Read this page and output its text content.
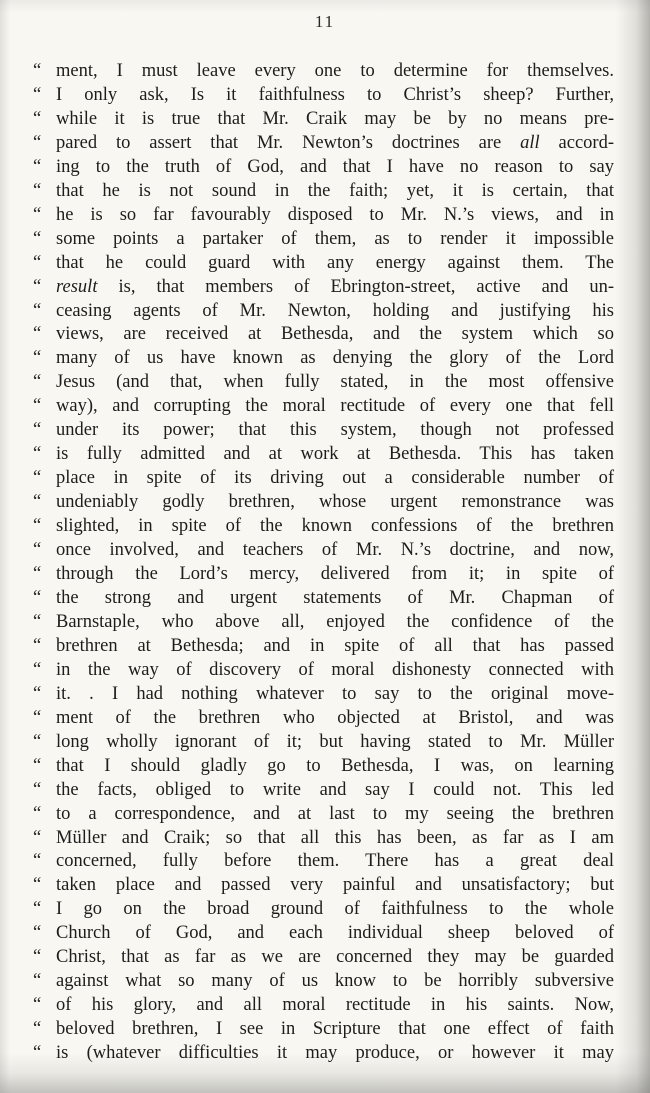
11
“ ment, I must leave every one to determine for themselves.
“ I only ask, Is it faithfulness to Christ’s sheep? Further,
“ while it is true that Mr. Craik may be by no means pre-
“ pared to assert that Mr. Newton’s doctrines are all accord-
“ ing to the truth of God, and that I have no reason to say
“ that he is not sound in the faith; yet, it is certain, that
“ he is so far favourably disposed to Mr. N.’s views, and in
“ some points a partaker of them, as to render it impossible
“ that he could guard with any energy against them. The
“ result is, that members of Ebrington-street, active and un-
“ ceasing agents of Mr. Newton, holding and justifying his
“ views, are received at Bethesda, and the system which so
“ many of us have known as denying the glory of the Lord
“ Jesus (and that, when fully stated, in the most offensive
“ way), and corrupting the moral rectitude of every one that fell
“ under its power; that this system, though not professed
“ is fully admitted and at work at Bethesda. This has taken
“ place in spite of its driving out a considerable number of
“ undeniably godly brethren, whose urgent remonstrance was
“ slighted, in spite of the known confessions of the brethren
“ once involved, and teachers of Mr. N.’s doctrine, and now,
“ through the Lord’s mercy, delivered from it; in spite of
“ the strong and urgent statements of Mr. Chapman of
“ Barnstaple, who above all, enjoyed the confidence of the
“ brethren at Bethesda; and in spite of all that has passed
“ in the way of discovery of moral dishonesty connected with
“ it. . I had nothing whatever to say to the original move-
“ ment of the brethren who objected at Bristol, and was
“ long wholly ignorant of it; but having stated to Mr. Müller
“ that I should gladly go to Bethesda, I was, on learning
“ the facts, obliged to write and say I could not. This led
“ to a correspondence, and at last to my seeing the brethren
“ Müller and Craik; so that all this has been, as far as I am
“ concerned, fully before them. There has a great deal
“ taken place and passed very painful and unsatisfactory; but
“ I go on the broad ground of faithfulness to the whole
“ Church of God, and each individual sheep beloved of
“ Christ, that as far as we are concerned they may be guarded
“ against what so many of us know to be horribly subversive
“ of his glory, and all moral rectitude in his saints. Now,
“ beloved brethren, I see in Scripture that one effect of faith
“ is (whatever difficulties it may produce, or however it may
